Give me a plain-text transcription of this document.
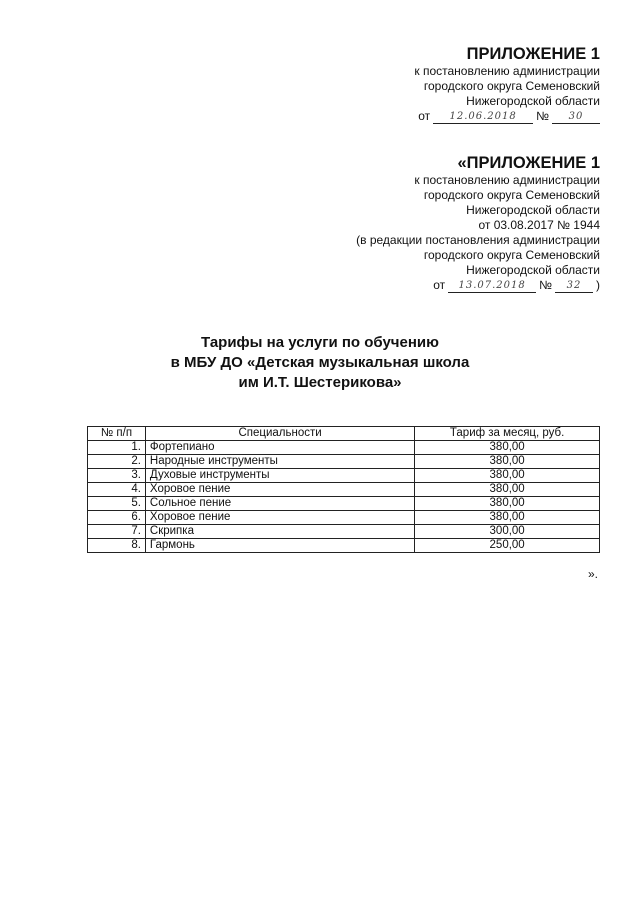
ПРИЛОЖЕНИЕ 1
к постановлению администрации
городского округа Семеновский
Нижегородской области
от	12.06.2018	№	30
«ПРИЛОЖЕНИЕ 1
к постановлению администрации
городского округа Семеновский
Нижегородской области
от 03.08.2017 № 1944
(в редакции постановления администрации
городского округа Семеновский
Нижегородской области
от	13.07.2018	№	32	)
Тарифы на услуги по обучению
в МБУ ДО «Детская музыкальная школа
им И.Т. Шестерикова»
№ п/п	Специальности	Тариф за месяц, руб.
1.	Фортепиано	380,00
2.	Народные инструменты	380,00
3.	Духовые инструменты	380,00
4.	Хоровое пение	380,00
5.	Сольное пение	380,00
6.	Хоровое пение	380,00
7.	Скрипка	300,00
8.	Гармонь	250,00
».
